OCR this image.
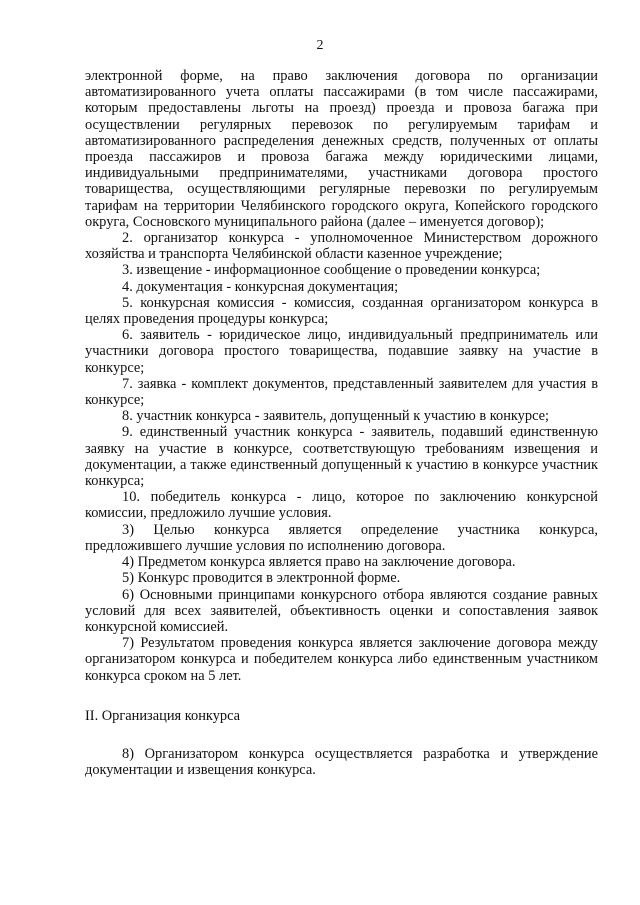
2

электронной форме, на право заключения договора по организации автоматизированного учета оплаты пассажирами (в том числе пассажирами, которым предоставлены льготы на проезд) проезда и провоза багажа при осуществлении регулярных перевозок по регулируемым тарифам и автоматизированного распределения денежных средств, полученных от оплаты проезда пассажиров и провоза багажа между юридическими лицами, индивидуальными предпринимателями, участниками договора простого товарищества, осуществляющими регулярные перевозки по регулируемым тарифам на территории Челябинского городского округа, Копейского городского округа, Сосновского муниципального района (далее – именуется договор);

2. организатор конкурса - уполномоченное Министерством дорожного хозяйства и транспорта Челябинской области казенное учреждение;

3. извещение - информационное сообщение о проведении конкурса;

4. документация - конкурсная документация;

5. конкурсная комиссия - комиссия, созданная организатором конкурса в целях проведения процедуры конкурса;

6. заявитель - юридическое лицо, индивидуальный предприниматель или участники договора простого товарищества, подавшие заявку на участие в конкурсе;

7. заявка - комплект документов, представленный заявителем для участия в конкурсе;

8. участник конкурса - заявитель, допущенный к участию в конкурсе;

9. единственный участник конкурса - заявитель, подавший единственную заявку на участие в конкурсе, соответствующую требованиям извещения и документации, а также единственный допущенный к участию в конкурсе участник конкурса;

10. победитель конкурса - лицо, которое по заключению конкурсной комиссии, предложило лучшие условия.

3) Целью конкурса является определение участника конкурса, предложившего лучшие условия по исполнению договора.

4) Предметом конкурса является право на заключение договора.

5) Конкурс проводится в электронной форме.

6) Основными принципами конкурсного отбора являются создание равных условий для всех заявителей, объективность оценки и сопоставления заявок конкурсной комиссией.

7) Результатом проведения конкурса является заключение договора между организатором конкурса и победителем конкурса либо единственным участником конкурса сроком на 5 лет.

II. Организация конкурса

8) Организатором конкурса осуществляется разработка и утверждение документации и извещения конкурса.
